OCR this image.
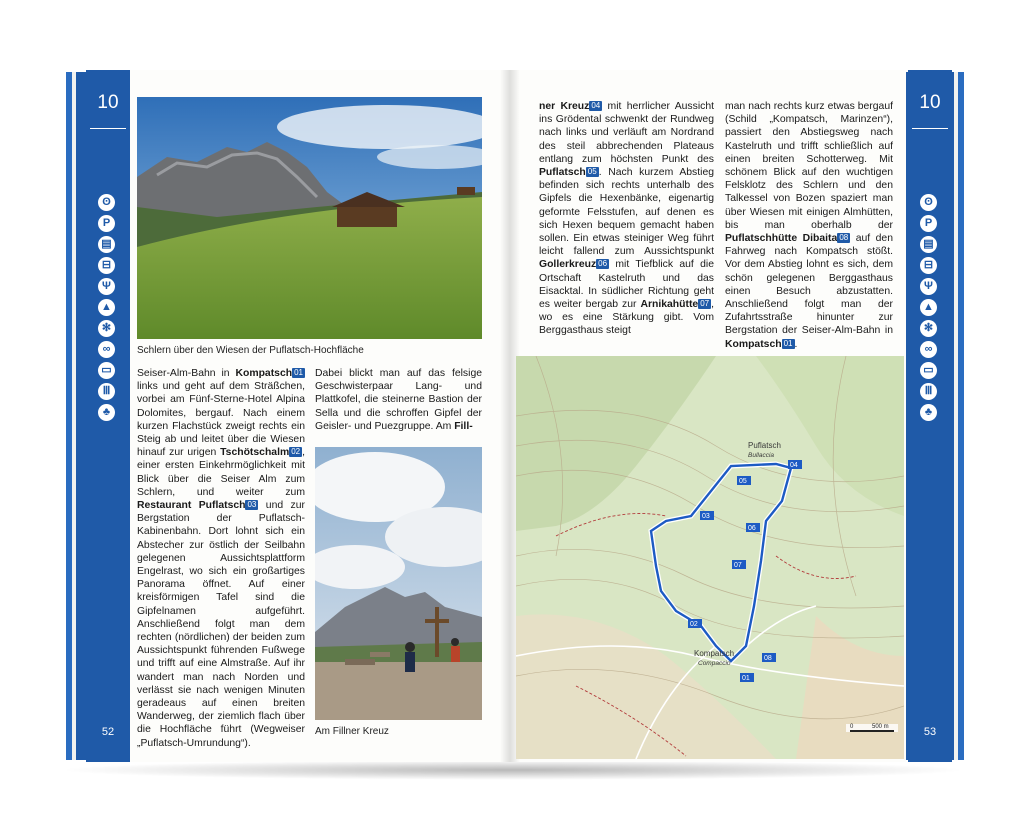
10
ʘ
P
▤
⊟
Ψ
▲
✻
∞
▭
Ⅲ
♣
52
Schlern über den Wiesen der Puflatsch-Hochfläche
Seiser-Alm-Bahn in Kompatsch 01 links und geht auf dem Sträßchen, vorbei am Fünf-Sterne-Hotel Alpina Dolomites, bergauf. Nach einem kurzen Flachstück zweigt rechts ein Steig ab und leitet über die Wiesen hinauf zur urigen Tschötschalm 02 , einer ersten Einkehrmöglichkeit mit Blick über die Seiser Alm zum Schlern, und weiter zum Restaurant Puflatsch 03 und zur Bergstation der Puflatsch-Kabinenbahn. Dort lohnt sich ein Abstecher zur östlich der Seilbahn gelegenen Aussichtsplattform Engelrast, wo sich ein großartiges Panorama öffnet. Auf einer kreisförmigen Tafel sind die Gipfelnamen aufgeführt. Anschließend folgt man dem rechten (nördlichen) der beiden zum Aussichtspunkt führenden Fußwege und trifft auf eine Almstraße. Auf ihr wandert man nach Norden und verlässt sie nach wenigen Minuten geradeaus auf einen breiten Wanderweg, der ziemlich flach über die Hochfläche führt (Wegweiser „Puflatsch-Umrundung“).
Dabei blickt man auf das felsige Geschwisterpaar Lang- und Plattkofel, die steinerne Bastion der Sella und die schroffen Gipfel der Geisler- und Puezgruppe. Am Fill-
Am Fillner Kreuz
10
ʘ
P
▤
⊟
Ψ
▲
✻
∞
▭
Ⅲ
♣
53
ner Kreuz 04 mit herrlicher Aussicht ins Grödental schwenkt der Rundweg nach links und verläuft am Nordrand des steil abbrechenden Plateaus entlang zum höchsten Punkt des Puflatsch 05 . Nach kurzem Abstieg befinden sich rechts unterhalb des Gipfels die Hexenbänke, eigenartig geformte Felsstufen, auf denen es sich Hexen bequem gemacht haben sollen. Ein etwas steiniger Weg führt leicht fallend zum Aussichtspunkt Gollerkreuz 06 mit Tiefblick auf die Ortschaft Kastelruth und das Eisacktal. In südlicher Richtung geht es weiter bergab zur Arnikahütte 07 , wo es eine Stärkung gibt. Vom Berggasthaus steigt
man nach rechts kurz etwas bergauf (Schild „Kompatsch, Marinzen“), passiert den Abstiegsweg nach Kastelruth und trifft schließlich auf einen breiten Schotterweg. Mit schönem Blick auf den wuchtigen Felsklotz des Schlern und den Talkessel von Bozen spaziert man über Wiesen mit einigen Almhütten, bis man oberhalb der Puflatschhütte Dibaita 08 auf den Fahrweg nach Kompatsch stößt. Vor dem Abstieg lohnt es sich, dem schön gelegenen Berggasthaus einen Besuch abzustatten. Anschließend folgt man der Zufahrtsstraße hinunter zur Bergstation der Seiser-Alm-Bahn in Kompatsch 01 .
01
02
03
04
05
06
07
08
Puflatsch
Bullaccia
Kompatsch
Compaccio
0	500 m
